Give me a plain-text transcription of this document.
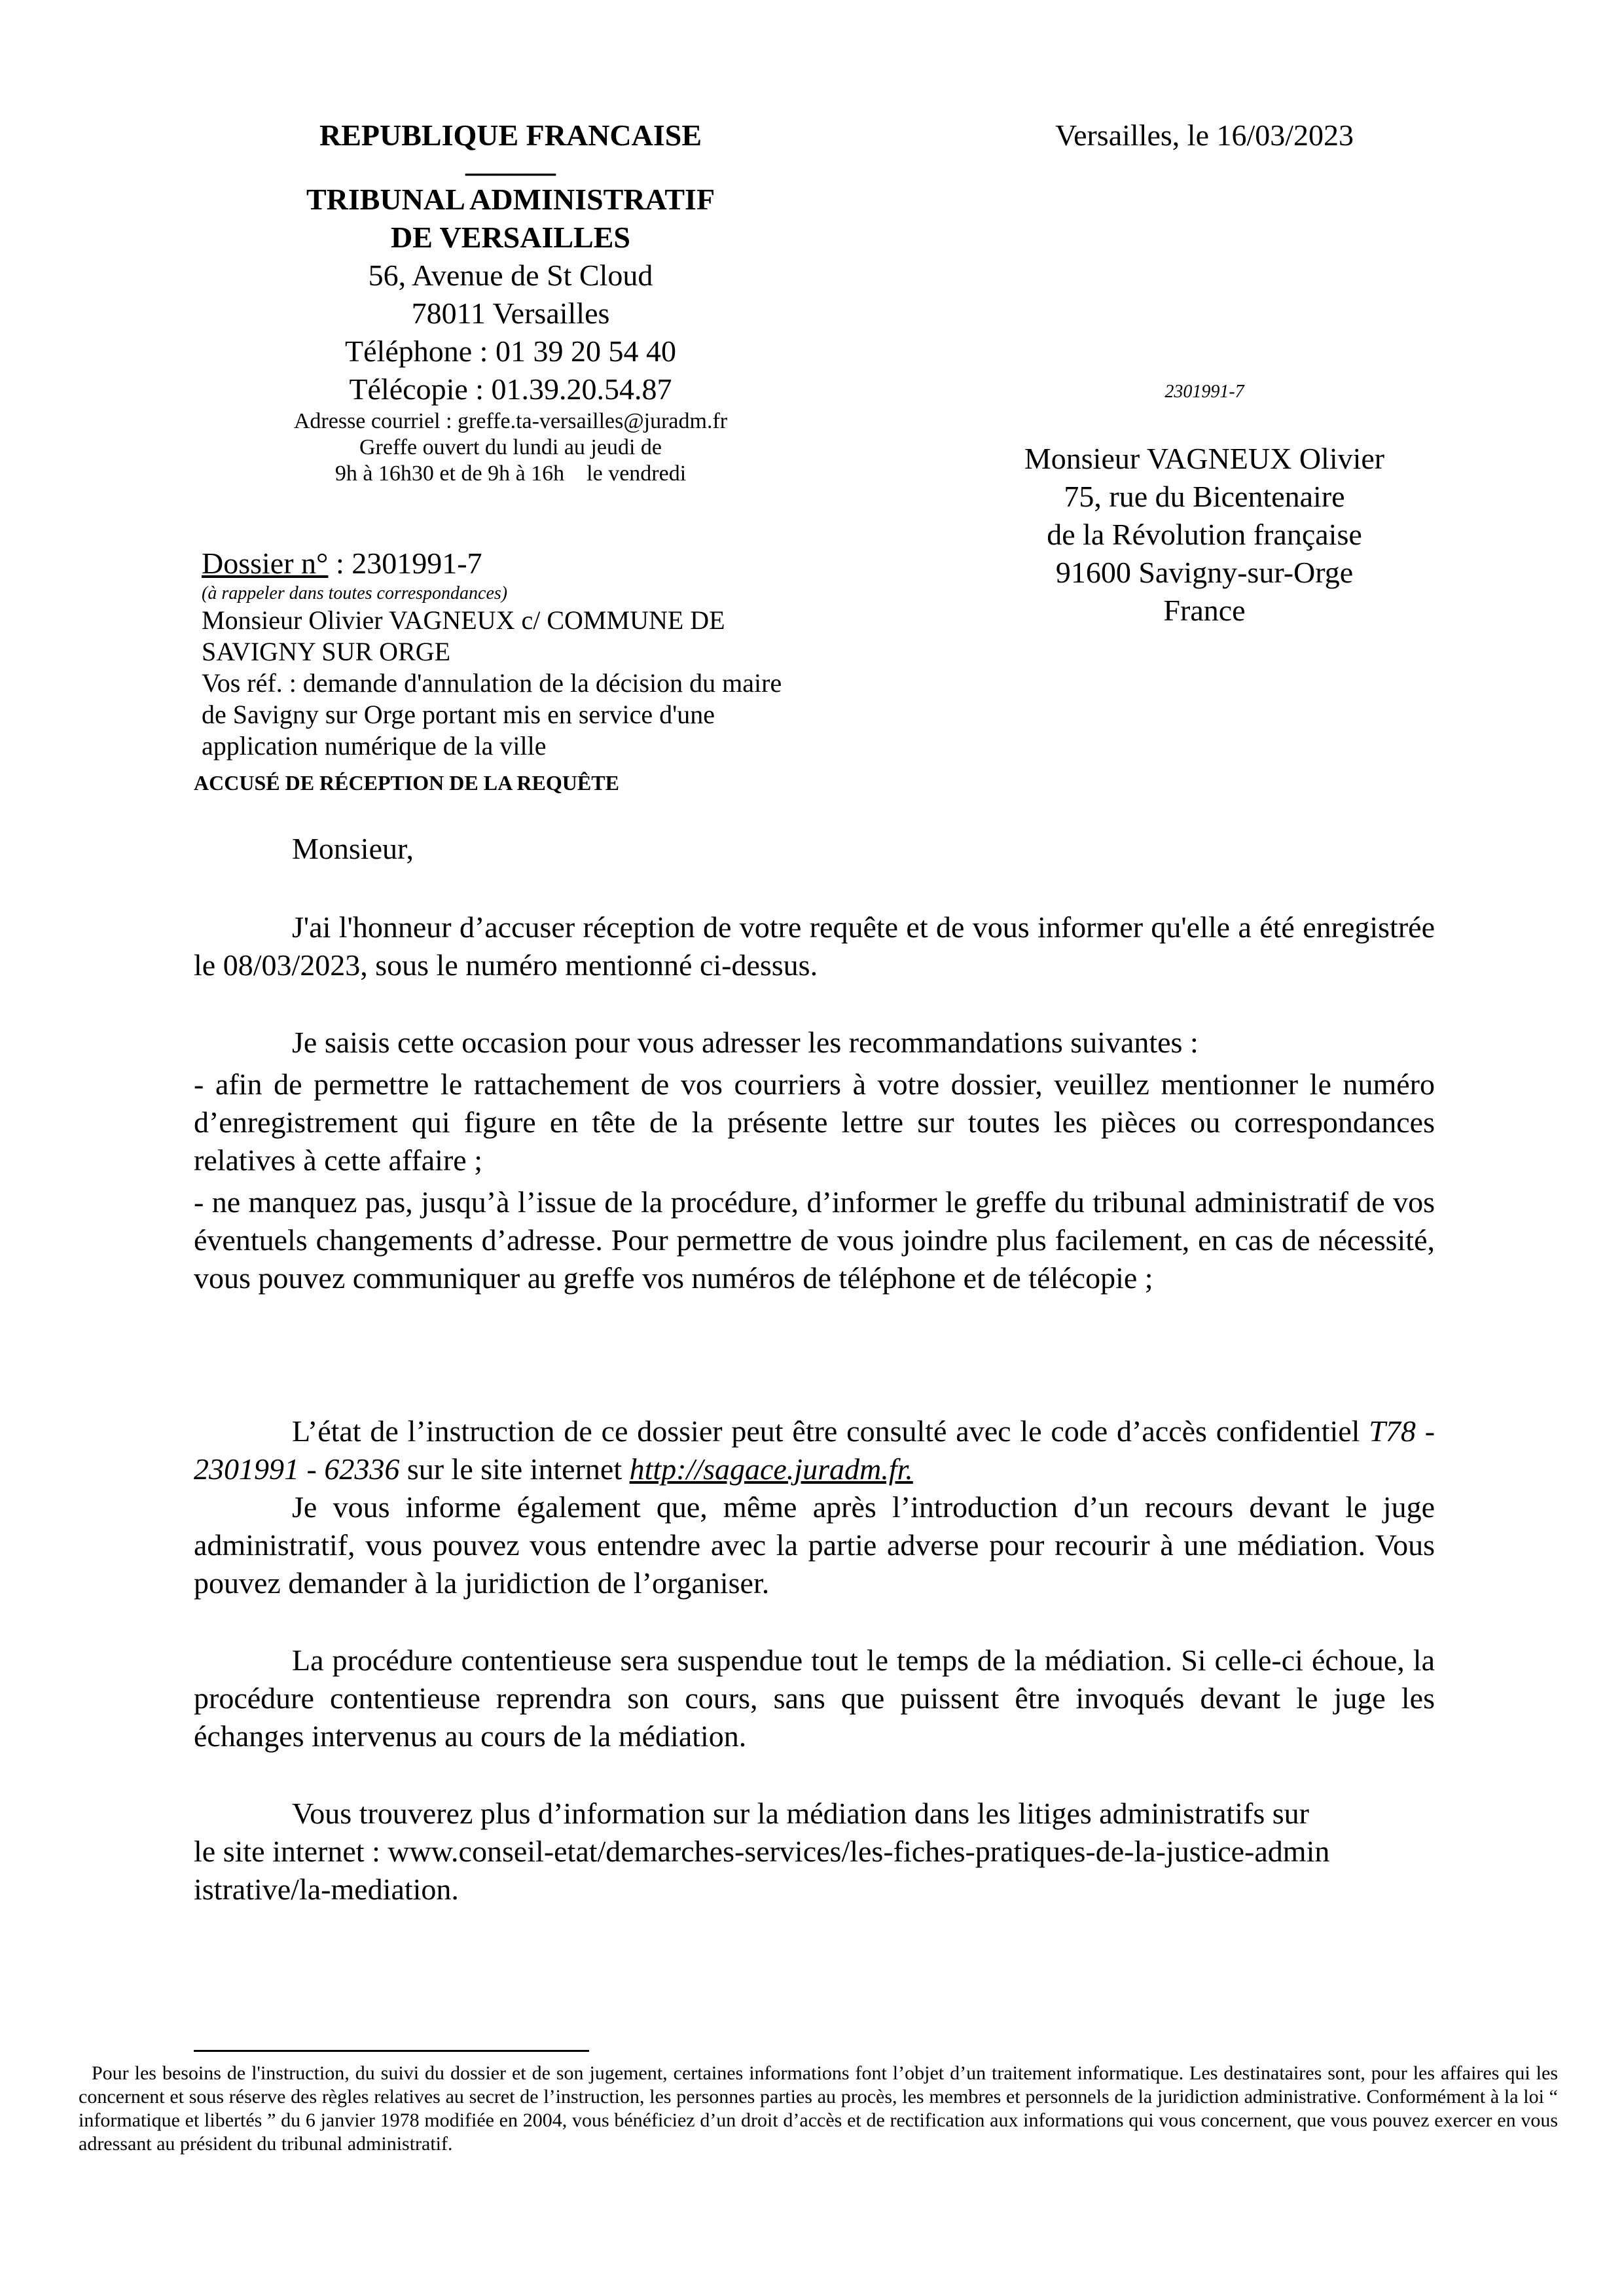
REPUBLIQUE FRANCAISE
______
TRIBUNAL ADMINISTRATIF
DE VERSAILLES
56, Avenue de St Cloud
78011 Versailles
Téléphone : 01 39 20 54 40
Télécopie : 01.39.20.54.87
Adresse courriel : greffe.ta-versailles@juradm.fr
Greffe ouvert du lundi au jeudi de
9h à 16h30 et de 9h à 16h    le vendredi
Versailles, le 16/03/2023
2301991-7
Monsieur VAGNEUX Olivier
75, rue du Bicentenaire
de la Révolution française
91600 Savigny-sur-Orge
France
Dossier n° : 2301991-7
(à rappeler dans toutes correspondances)
Monsieur Olivier VAGNEUX c/ COMMUNE DE
SAVIGNY SUR ORGE
Vos réf. : demande d'annulation de la décision du maire
de Savigny sur Orge portant mis en service d'une
application numérique de la ville
ACCUSÉ DE RÉCEPTION DE LA REQUÊTE

Monsieur,

J'ai l'honneur d’accuser réception de votre requête et de vous informer qu'elle a été enregistrée le 08/03/2023, sous le numéro mentionné ci-dessus.

Je saisis cette occasion pour vous adresser les recommandations suivantes :

- afin de permettre le rattachement de vos courriers à votre dossier, veuillez mentionner le numéro d’enregistrement qui figure en tête de la présente lettre sur toutes les pièces ou correspondances relatives à cette affaire ;

- ne manquez pas, jusqu’à l’issue de la procédure, d’informer le greffe du tribunal administratif de vos éventuels changements d’adresse. Pour permettre de vous joindre plus facilement, en cas de nécessité, vous pouvez communiquer au greffe vos numéros de téléphone et de télécopie ;

L’état de l’instruction de ce dossier peut être consulté avec le code d’accès confidentiel T78 - 2301991 - 62336 sur le site internet http://sagace.juradm.fr.

Je vous informe également que, même après l’introduction d’un recours devant le juge administratif, vous pouvez vous entendre avec la partie adverse pour recourir à une médiation. Vous pouvez demander à la juridiction de l’organiser.

La procédure contentieuse sera suspendue tout le temps de la médiation. Si celle-ci échoue, la procédure contentieuse reprendra son cours, sans que puissent être invoqués devant le juge les échanges intervenus au cours de la médiation.

Vous trouverez plus d’information sur la médiation dans les litiges administratifs sur
le site internet : www.conseil-etat/demarches-services/les-fiches-pratiques-de-la-justice-admin
istrative/la-mediation.
Pour les besoins de l'instruction, du suivi du dossier et de son jugement, certaines informations font l’objet d’un traitement informatique. Les destinataires sont, pour les affaires qui les concernent et sous réserve des règles relatives au secret de l’instruction, les personnes parties au procès, les membres et personnels de la juridiction administrative. Conformément à la loi “ informatique et libertés ” du 6 janvier 1978 modifiée en 2004, vous bénéficiez d’un droit d’accès et de rectification aux informations qui vous concernent, que vous pouvez exercer en vous adressant au président du tribunal administratif.
